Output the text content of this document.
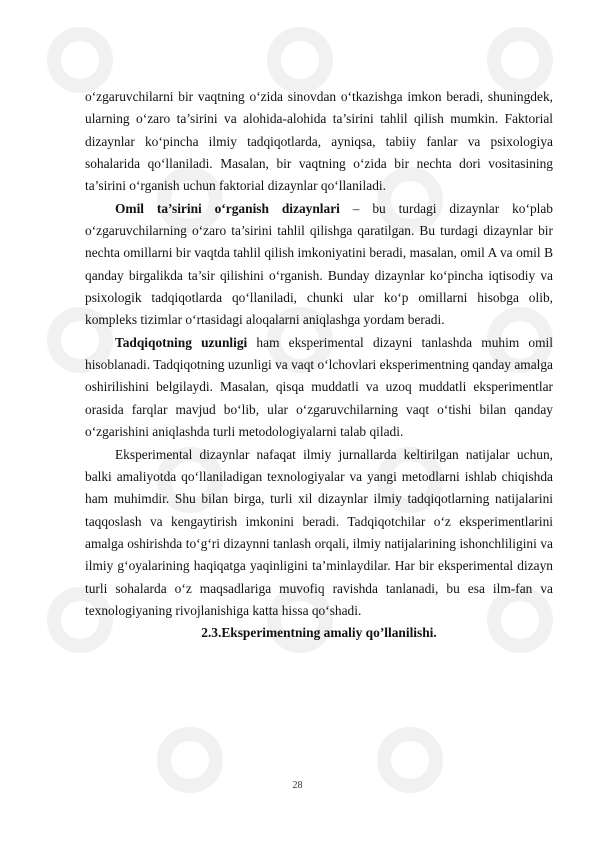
o‘zgaruvchilarni bir vaqtning o‘zida sinovdan o‘tkazishga imkon beradi, shuningdek, ularning o‘zaro ta’sirini va alohida-alohida ta’sirini tahlil qilish mumkin. Faktorial dizaynlar ko‘pincha ilmiy tadqiqotlarda, ayniqsa, tabiiy fanlar va psixologiya sohalarida qo‘llaniladi. Masalan, bir vaqtning o‘zida bir nechta dori vositasining ta’sirini o‘rganish uchun faktorial dizaynlar qo‘llaniladi.

Omil ta’sirini o‘rganish dizaynlari – bu turdagi dizaynlar ko‘plab o‘zgaruvchilarning o‘zaro ta’sirini tahlil qilishga qaratilgan. Bu turdagi dizaynlar bir nechta omillarni bir vaqtda tahlil qilish imkoniyatini beradi, masalan, omil A va omil B qanday birgalikda ta’sir qilishini o‘rganish. Bunday dizaynlar ko‘pincha iqtisodiy va psixologik tadqiqotlarda qo‘llaniladi, chunki ular ko‘p omillarni hisobga olib, kompleks tizimlar o‘rtasidagi aloqalarni aniqlashga yordam beradi.

Tadqiqotning uzunligi ham eksperimental dizayni tanlashda muhim omil hisoblanadi. Tadqiqotning uzunligi va vaqt o‘lchovlari eksperimentning qanday amalga oshirilishini belgilaydi. Masalan, qisqa muddatli va uzoq muddatli eksperimentlar orasida farqlar mavjud bo‘lib, ular o‘zgaruvchilarning vaqt o‘tishi bilan qanday o‘zgarishini aniqlashda turli metodologiyalarni talab qiladi.

Eksperimental dizaynlar nafaqat ilmiy jurnallarda keltirilgan natijalar uchun, balki amaliyotda qo‘llaniladigan texnologiyalar va yangi metodlarni ishlab chiqishda ham muhimdir. Shu bilan birga, turli xil dizaynlar ilmiy tadqiqotlarning natijalarini taqqoslash va kengaytirish imkonini beradi. Tadqiqotchilar o‘z eksperimentlarini amalga oshirishda to‘g‘ri dizaynni tanlash orqali, ilmiy natijalarining ishonchliligini va ilmiy g‘oyalarining haqiqatga yaqinligini ta’minlaydilar. Har bir eksperimental dizayn turli sohalarda o‘z maqsadlariga muvofiq ravishda tanlanadi, bu esa ilm-fan va texnologiyaning rivojlanishiga katta hissa qo‘shadi.

2.3.Eksperimentning amaliy qo’llanilishi.

28
